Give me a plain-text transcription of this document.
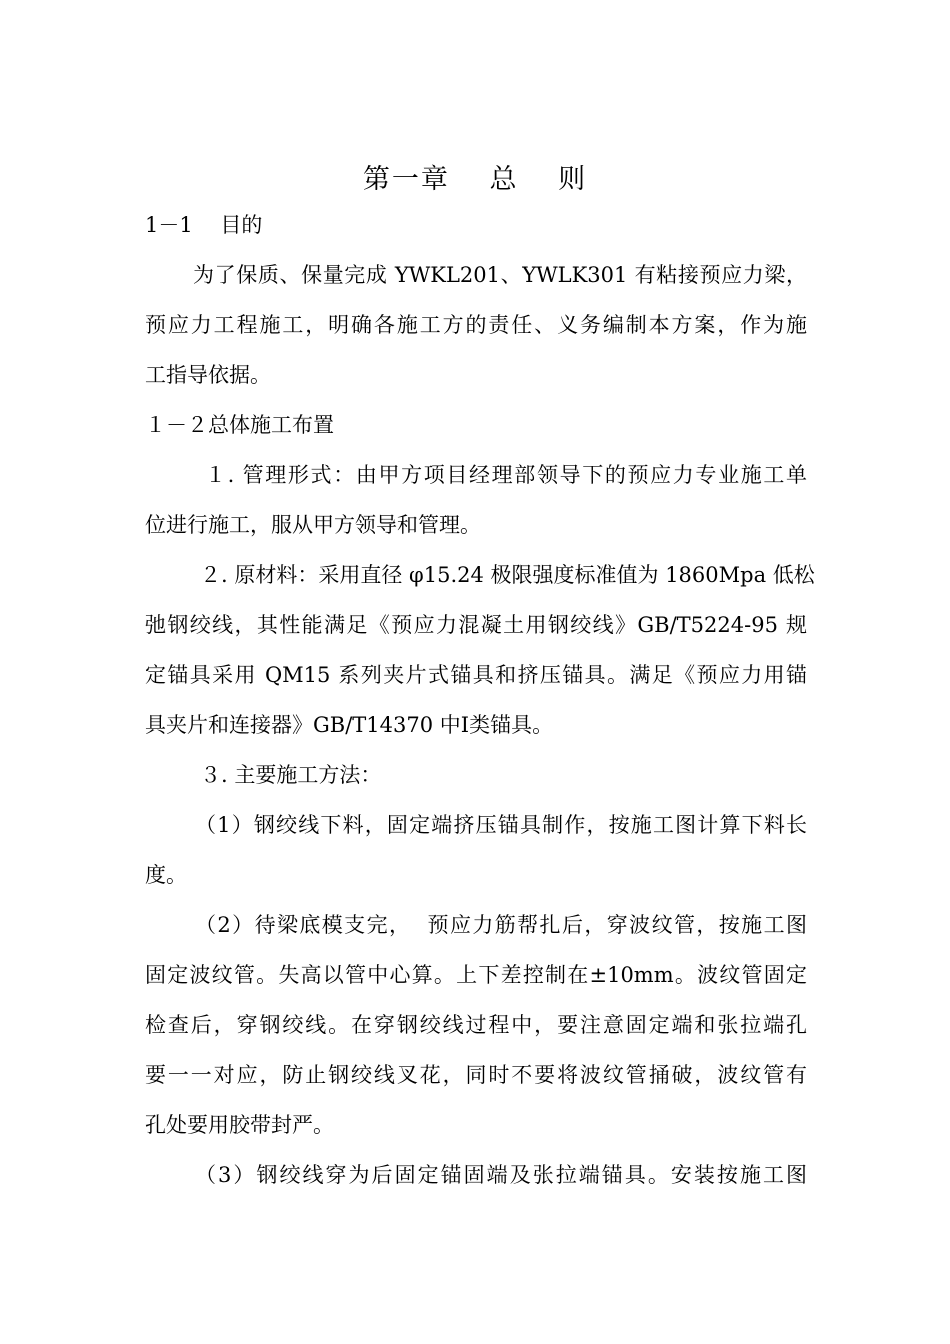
第一章　 总　 则
1－1　 目的
为了保质、保量完成 YWKL201、YWLK301 有粘接预应力梁，
预应力工程施工，明确各施工方的责任、义务编制本方案，作为施
工指导依据。
１－２总体施工布置
１. 管理形式：由甲方项目经理部领导下的预应力专业施工单
位进行施工，服从甲方领导和管理。
２. 原材料：采用直径 φ15.24 极限强度标准值为 1860Mpa 低松
弛钢绞线，其性能满足《预应力混凝土用钢绞线》GB/T5224-95 规
定锚具采用 QM15 系列夹片式锚具和挤压锚具。满足《预应力用锚
具夹片和连接器》GB/T14370 中Ⅰ类锚具。
３. 主要施工方法：
（1）钢绞线下料，固定端挤压锚具制作，按施工图计算下料长
度。
（2）待梁底模支完，  预应力筋帮扎后，穿波纹管，按施工图
固定波纹管。失高以管中心算。上下差控制在±10mm。波纹管固定
检查后，穿钢绞线。在穿钢绞线过程中，要注意固定端和张拉端孔
要一一对应，防止钢绞线叉花，同时不要将波纹管捅破，波纹管有
孔处要用胶带封严。
（3）钢绞线穿为后固定锚固端及张拉端锚具。安装按施工图
